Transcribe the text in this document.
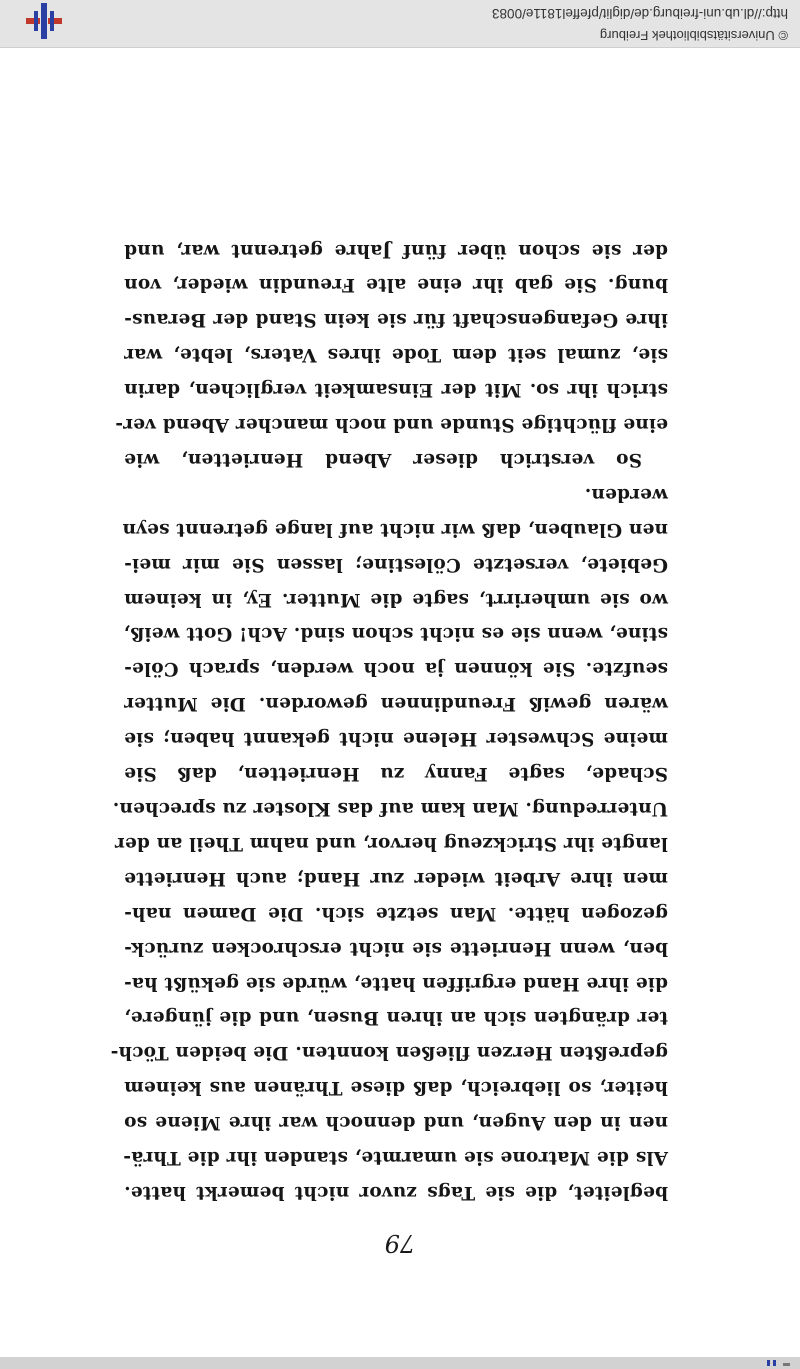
79
begleitet, die sie Tags zuvor nicht bemerkt hatte.
Als die Matrone sie umarmte, standen ihr die Thrä-
nen in den Augen, und dennoch war ihre Miene so
heiter, so liebreich, daß diese Thränen aus keinem
gepreßten Herzen fließen konnten. Die beiden Töch-
ter drängten sich an ihren Busen, und die jüngere,
die ihre Hand ergriffen hatte, würde sie geküßt ha-
ben, wenn Henriette sie nicht erschrocken zurück-
gezogen hätte. Man setzte sich. Die Damen nah-
men ihre Arbeit wieder zur Hand; auch Henriette
langte ihr Strickzeug hervor, und nahm Theil an der
Unterredung. Man kam auf das Kloster zu sprechen.
Schade, sagte Fanny zu Henrietten, daß Sie
meine Schwester Helene nicht gekannt haben; sie
wären gewiß Freundinnen geworden. Die Mutter
seufzte. Sie können ja noch werden, sprach Cöle-
stine, wenn sie es nicht schon sind. Ach! Gott weiß,
wo sie umherirrt, sagte die Mutter. Ey, in keinem
Gebiete, versetzte Cölestine; lassen Sie mir mei-
nen Glauben, daß wir nicht auf lange getrennt seyn
werden.
So verstrich dieser Abend Henrietten, wie
eine flüchtige Stunde und noch mancher Abend ver-
strich ihr so. Mit der Einsamkeit verglichen, darin
sie, zumal seit dem Tode ihres Vaters, lebte, war
ihre Gefangenschaft für sie kein Stand der Beraus-
bung. Sie gab ihr eine alte Freundin wieder, von
der sie schon über fünf Jahre getrennt war, und
© Universitätsbibliothek Freiburg
http://dl.ub.uni-freiburg.de/diglit/pfeffel1811e/0083
